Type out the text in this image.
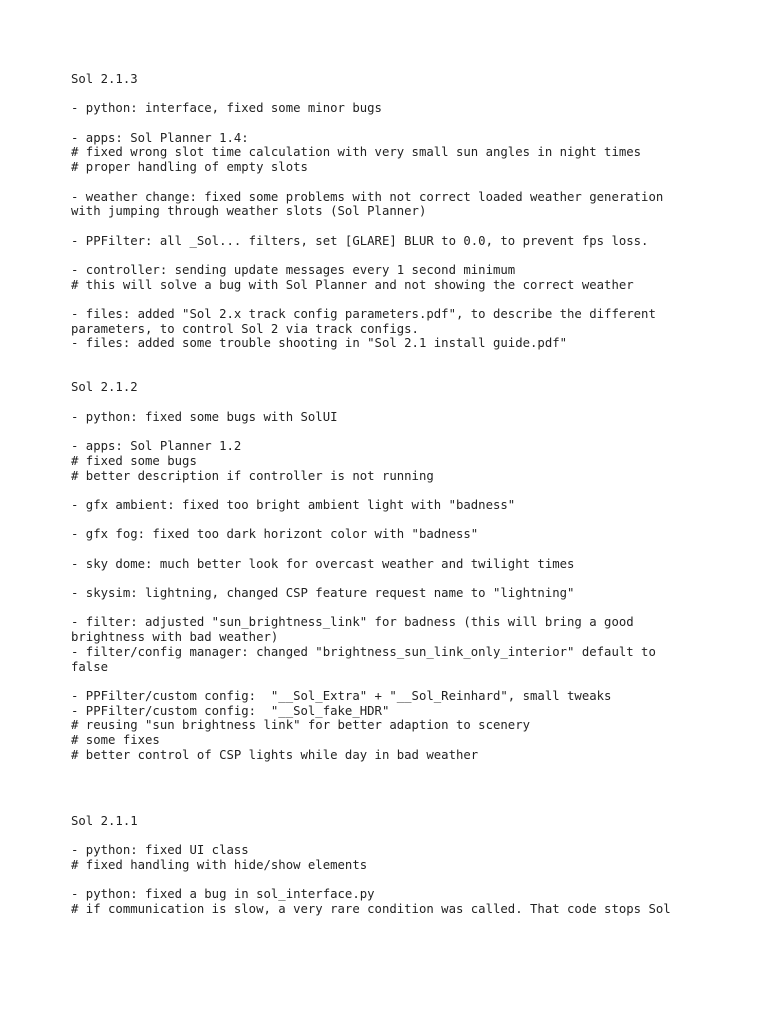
Sol 2.1.3
- python: interface, fixed some minor bugs
- apps: Sol Planner 1.4:
# fixed wrong slot time calculation with very small sun angles in night times
# proper handling of empty slots
- weather change: fixed some problems with not correct loaded weather generation
with jumping through weather slots (Sol Planner)
- PPFilter: all _Sol... filters, set [GLARE] BLUR to 0.0, to prevent fps loss.
- controller: sending update messages every 1 second minimum
# this will solve a bug with Sol Planner and not showing the correct weather
- files: added "Sol 2.x track config parameters.pdf", to describe the different
parameters, to control Sol 2 via track configs.
- files: added some trouble shooting in "Sol 2.1 install guide.pdf"
Sol 2.1.2
- python: fixed some bugs with SolUI
- apps: Sol Planner 1.2
# fixed some bugs
# better description if controller is not running
- gfx ambient: fixed too bright ambient light with "badness"
- gfx fog: fixed too dark horizont color with "badness"
- sky dome: much better look for overcast weather and twilight times
- skysim: lightning, changed CSP feature request name to "lightning"
- filter: adjusted "sun_brightness_link" for badness (this will bring a good
brightness with bad weather)
- filter/config manager: changed "brightness_sun_link_only_interior" default to
false
- PPFilter/custom config:  "__Sol_Extra" + "__Sol_Reinhard", small tweaks
- PPFilter/custom config:  "__Sol_fake_HDR"
# reusing "sun brightness link" for better adaption to scenery
# some fixes
# better control of CSP lights while day in bad weather
Sol 2.1.1
- python: fixed UI class
# fixed handling with hide/show elements
- python: fixed a bug in sol_interface.py
# if communication is slow, a very rare condition was called. That code stops Sol
